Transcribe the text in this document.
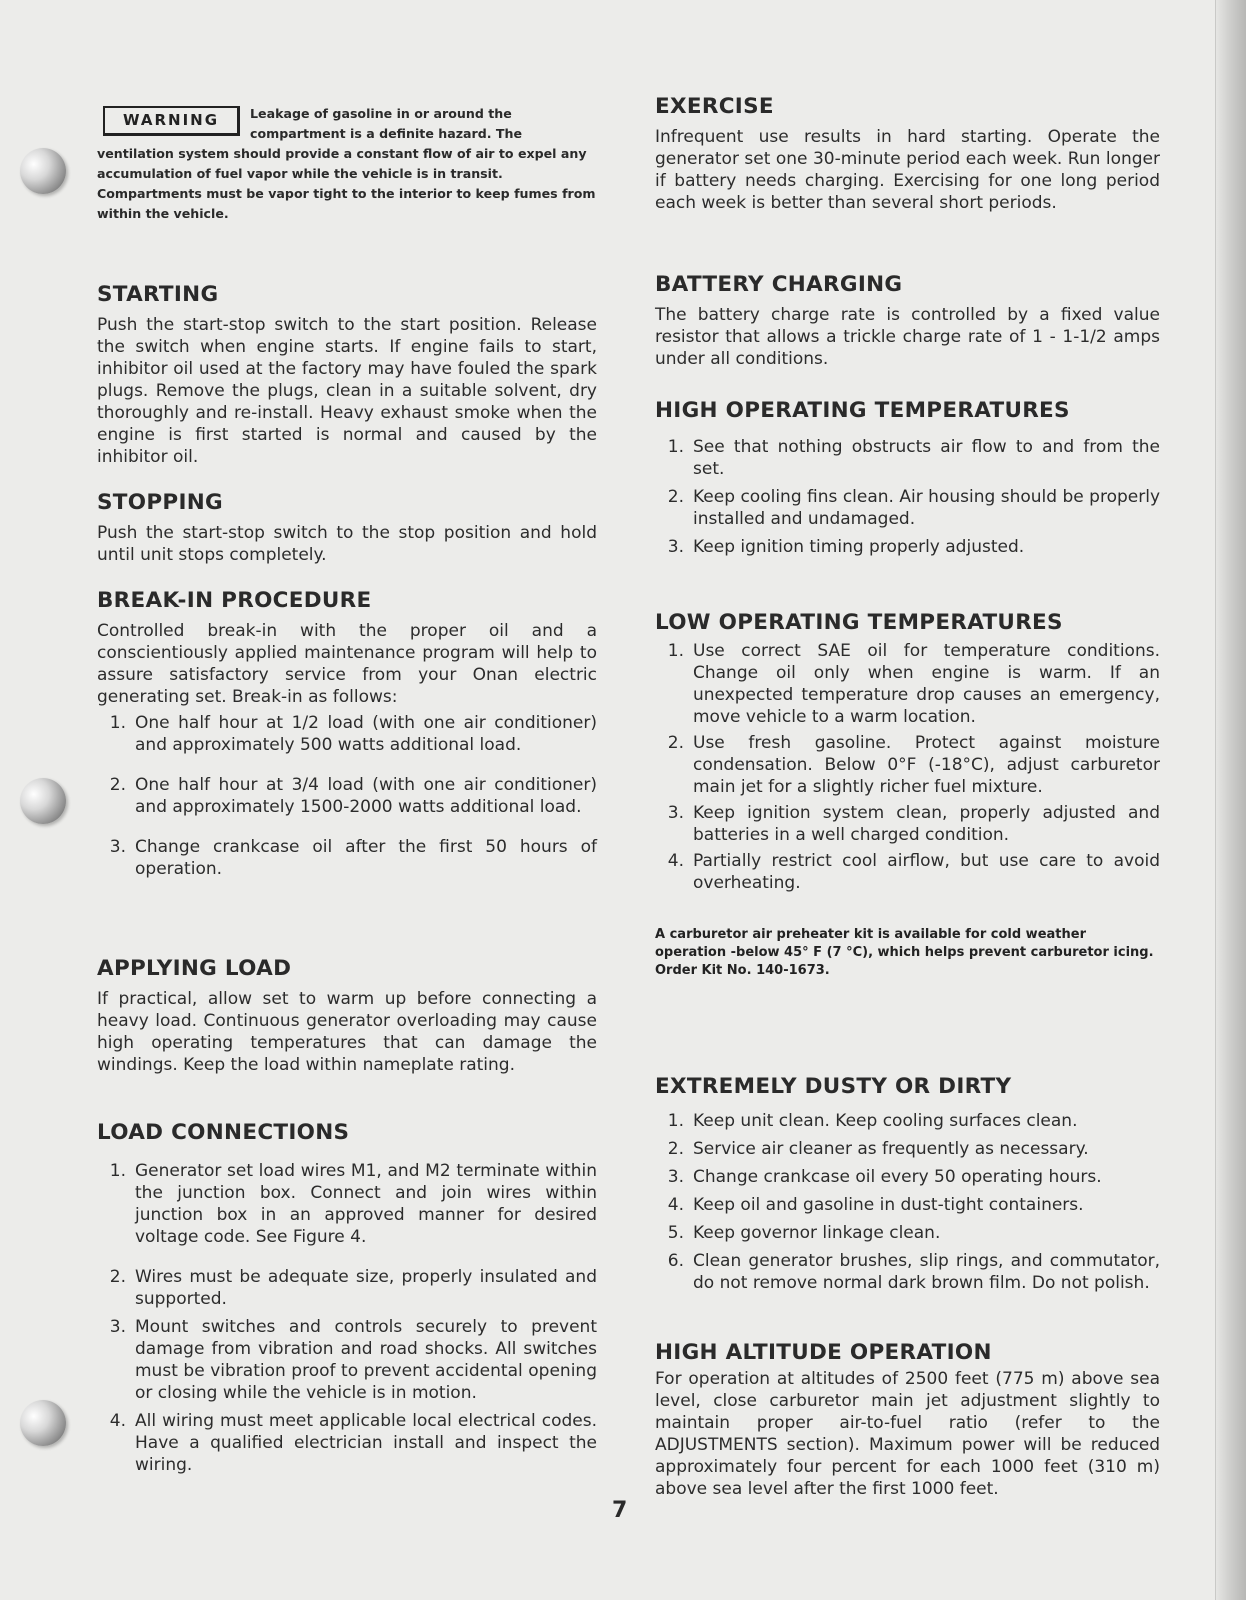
WARNING	Leakage of gasoline in or around the compartment is a definite hazard. The ventilation system should provide a constant flow of air to expel any accumulation of fuel vapor while the vehicle is in transit. Compartments must be vapor tight to the interior to keep fumes from within the vehicle.

STARTING

Push the start-stop switch to the start position. Release the switch when engine starts. If engine fails to start, inhibitor oil used at the factory may have fouled the spark plugs. Remove the plugs, clean in a suitable solvent, dry thoroughly and re-install. Heavy exhaust smoke when the engine is first started is normal and caused by the inhibitor oil.

STOPPING

Push the start-stop switch to the stop position and hold until unit stops completely.

BREAK-IN PROCEDURE

Controlled break-in with the proper oil and a conscientiously applied maintenance program will help to assure satisfactory service from your Onan electric generating set. Break-in as follows:

1. One half hour at 1/2 load (with one air conditioner) and approximately 500 watts additional load.
2. One half hour at 3/4 load (with one air conditioner) and approximately 1500-2000 watts additional load.
3. Change crankcase oil after the first 50 hours of operation.
APPLYING LOAD

If practical, allow set to warm up before connecting a heavy load. Continuous generator overloading may cause high operating temperatures that can damage the windings. Keep the load within nameplate rating.

LOAD CONNECTIONS
1. Generator set load wires M1, and M2 terminate within the junction box. Connect and join wires within junction box in an approved manner for desired voltage code. See Figure 4.
2. Wires must be adequate size, properly insulated and supported.
3. Mount switches and controls securely to prevent damage from vibration and road shocks. All switches must be vibration proof to prevent accidental opening or closing while the vehicle is in motion.
4. All wiring must meet applicable local electrical codes. Have a qualified electrician install and inspect the wiring.
EXERCISE

Infrequent use results in hard starting. Operate the generator set one 30-minute period each week. Run longer if battery needs charging. Exercising for one long period each week is better than several short periods.

BATTERY CHARGING

The battery charge rate is controlled by a fixed value resistor that allows a trickle charge rate of 1 - 1-1/2 amps under all conditions.

HIGH OPERATING TEMPERATURES
1. See that nothing obstructs air flow to and from the set.
2. Keep cooling fins clean. Air housing should be properly installed and undamaged.
3. Keep ignition timing properly adjusted.
LOW OPERATING TEMPERATURES
1. Use correct SAE oil for temperature conditions. Change oil only when engine is warm. If an unexpected temperature drop causes an emergency, move vehicle to a warm location.
2. Use fresh gasoline. Protect against moisture condensation. Below 0°F (-18°C), adjust carburetor main jet for a slightly richer fuel mixture.
3. Keep ignition system clean, properly adjusted and batteries in a well charged condition.
4. Partially restrict cool airflow, but use care to avoid overheating.

A carburetor air preheater kit is available for cold weather operation -below 45° F (7 °C), which helps prevent carburetor icing. Order Kit No. 140-1673.

EXTREMELY DUSTY OR DIRTY
1. Keep unit clean. Keep cooling surfaces clean.
2. Service air cleaner as frequently as necessary.
3. Change crankcase oil every 50 operating hours.
4. Keep oil and gasoline in dust-tight containers.
5. Keep governor linkage clean.
6. Clean generator brushes, slip rings, and commutator, do not remove normal dark brown film. Do not polish.
HIGH ALTITUDE OPERATION

For operation at altitudes of 2500 feet (775 m) above sea level, close carburetor main jet adjustment slightly to maintain proper air-to-fuel ratio (refer to the ADJUSTMENTS section). Maximum power will be reduced approximately four percent for each 1000 feet (310 m) above sea level after the first 1000 feet.

7
